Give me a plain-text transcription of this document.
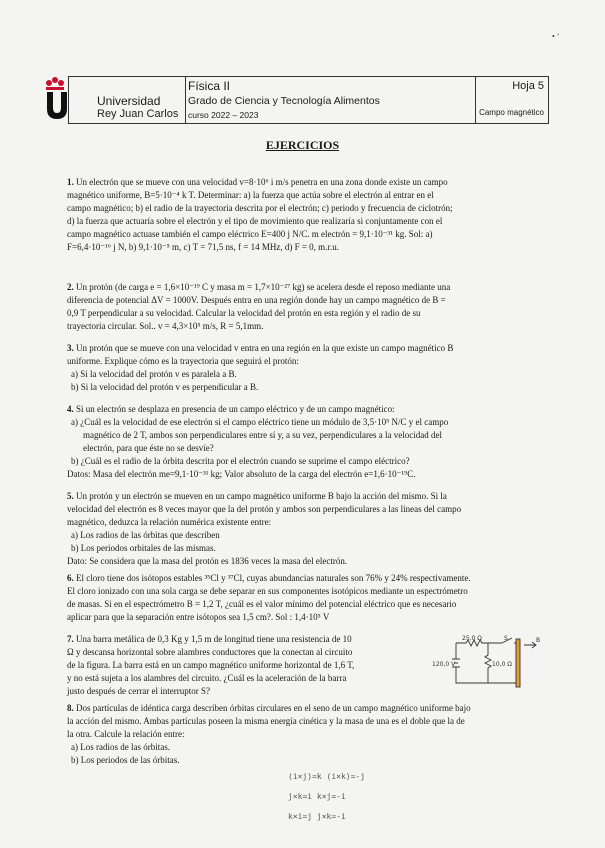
• ’
Universidad
Rey Juan Carlos
Física II
Grado de Ciencia y Tecnología Alimentos
curso 2022 – 2023
Hoja 5
Campo magnético
EJERCICIOS
1. Un electrón que se mueve con una velocidad v=8·10⁶ i m/s penetra en una zona donde existe un campo
magnético uniforme, B=5·10⁻⁴ k T. Determinar: a) la fuerza que actúa sobre el electrón al entrar en el
campo magnético; b) el radio de la trayectoria descrita por el electrón; c) periodo y frecuencia de ciclotrón;
d) la fuerza que actuaría sobre el electrón y el tipo de movimiento que realizaría si conjuntamente con el
campo magnético actuase también el campo eléctrico E=400 j N/C. m electrón = 9,1·10⁻³¹ kg. Sol: a)
F=6,4·10⁻¹⁶ j N, b) 9,1·10⁻⁵ m, c) T = 71,5 ns, f = 14 MHz, d) F = 0, m.r.u.
2. Un protón (de carga e = 1,6×10⁻¹⁹ C y masa m = 1,7×10⁻²⁷ kg) se acelera desde el reposo mediante una
diferencia de potencial ΔV = 1000V. Después entra en una región donde hay un campo magnético de B =
0,9 T perpendicular a su velocidad. Calcular la velocidad del protón en esta región y el radio de su
trayectoria circular. Sol.. v = 4,3×10⁵ m/s, R = 5,1mm.
3. Un protón que se mueve con una velocidad v entra en una región en la que existe un campo magnético B
uniforme. Explique cómo es la trayectoria que seguirá el protón:
a) Si la velocidad del protón v es paralela a B.
b) Si la velocidad del protón v es perpendicular a B.
4. Si un electrón se desplaza en presencia de un campo eléctrico y de un campo magnético:
a) ¿Cuál es la velocidad de ese electrón si el campo eléctrico tiene un módulo de 3,5·10⁵ N/C y el campo
magnético de 2 T, ambos son perpendiculares entre sí y, a su vez, perpendiculares a la velocidad del
electrón, para que éste no se desvíe?
b) ¿Cuál es el radio de la órbita descrita por el electrón cuando se suprime el campo eléctrico?
Datos: Masa del electrón me=9,1·10⁻³¹ kg; Valor absoluto de la carga del electrón e=1,6·10⁻¹⁹C.
5. Un protón y un electrón se mueven en un campo magnético uniforme B bajo la acción del mismo. Si la
velocidad del electrón es 8 veces mayor que la del protón y ambos son perpendiculares a las líneas del campo
magnético, deduzca la relación numérica existente entre:
a) Los radios de las órbitas que describen
b) Los periodos orbitales de las mismas.
Dato: Se considera que la masa del protón es 1836 veces la masa del electrón.
6. El cloro tiene dos isótopos estables ³⁵Cl y ³⁷Cl, cuyas abundancias naturales son 76% y 24% respectivamente.
El cloro ionizado con una sola carga se debe separar en sus componentes isotópicos mediante un espectrómetro
de masas. Si en el espectrómetro B = 1,2 T, ¿cuál es el valor mínimo del potencial eléctrico que es necesario
aplicar para que la separación entre isótopos sea 1,5 cm?. Sol : 1,4·10⁵ V
7. Una barra metálica de 0,3 Kg y 1,5 m de longitud tiene una resistencia de 10
Ω y descansa horizontal sobre alambres conductores que la conectan al circuito
de la figura. La barra está en un campo magnético uniforme horizontal de 1,6 T,
y no está sujeta a los alambres del circuito. ¿Cuál es la aceleración de la barra
justo después de cerrar el interruptor S?
25,0 Ω	S	B
120,0 V	10,0 Ω
8. Dos partículas de idéntica carga describen órbitas circulares en el seno de un campo magnético uniforme bajo
la acción del mismo. Ambas partículas poseen la misma energía cinética y la masa de una es el doble que la de
la otra. Calcule la relación entre:
a) Los radios de las órbitas.
b) Los periodos de las órbitas.
(i×j)=k (i×k)=-j
j×k=i k×j=-i
k×i=j j×k=-i
